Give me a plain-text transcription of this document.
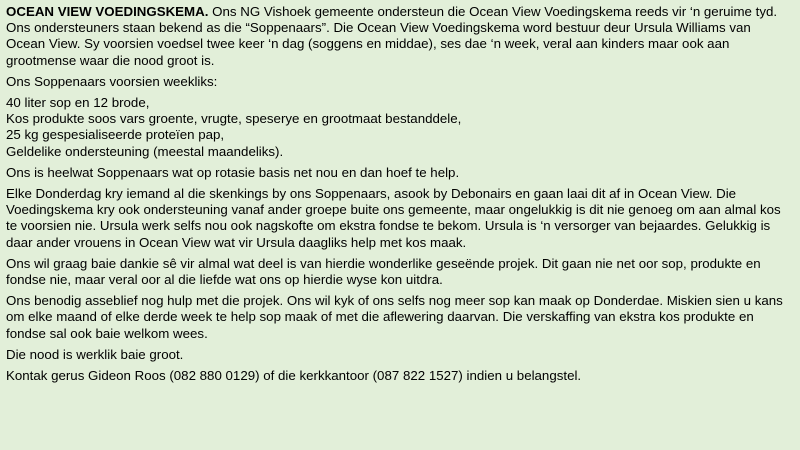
OCEAN VIEW VOEDINGSKEMA. Ons NG Vishoek gemeente ondersteun die Ocean View Voedingskema reeds vir ‘n geruime tyd. Ons ondersteuners staan bekend as die “Soppenaars”. Die Ocean View Voedingskema word bestuur deur Ursula Williams van Ocean View. Sy voorsien voedsel twee keer ‘n dag (soggens en middae), ses dae ‘n week, veral aan kinders maar ook aan grootmense waar die nood groot is.

Ons Soppenaars voorsien weekliks:

40 liter sop en 12 brode,
Kos produkte soos vars groente, vrugte, speserye en grootmaat bestanddele,
25 kg gespesialiseerde proteïen pap,
Geldelike ondersteuning (meestal maandeliks).

Ons is heelwat Soppenaars wat op rotasie basis net nou en dan hoef te help.

Elke Donderdag kry iemand al die skenkings by ons Soppenaars, asook by Debonairs en gaan laai dit af in Ocean View. Die Voedingskema kry ook ondersteuning vanaf ander groepe buite ons gemeente, maar ongelukkig is dit nie genoeg om aan almal kos te voorsien nie. Ursula werk selfs nou ook nagskofte om ekstra fondse te bekom. Ursula is ‘n versorger van bejaardes. Gelukkig is daar ander vrouens in Ocean View wat vir Ursula daagliks help met kos maak.

Ons wil graag baie dankie sê vir almal wat deel is van hierdie wonderlike geseënde projek. Dit gaan nie net oor sop, produkte en fondse nie, maar veral oor al die liefde wat ons op hierdie wyse kon uitdra.

Ons benodig asseblief nog hulp met die projek. Ons wil kyk of ons selfs nog meer sop kan maak op Donderdae. Miskien sien u kans om elke maand of elke derde week te help sop maak of met die aflewering daarvan. Die verskaffing van ekstra kos produkte en fondse sal ook baie welkom wees.

Die nood is werklik baie groot.

Kontak gerus Gideon Roos (082 880 0129) of die kerkkantoor (087 822 1527) indien u belangstel.
